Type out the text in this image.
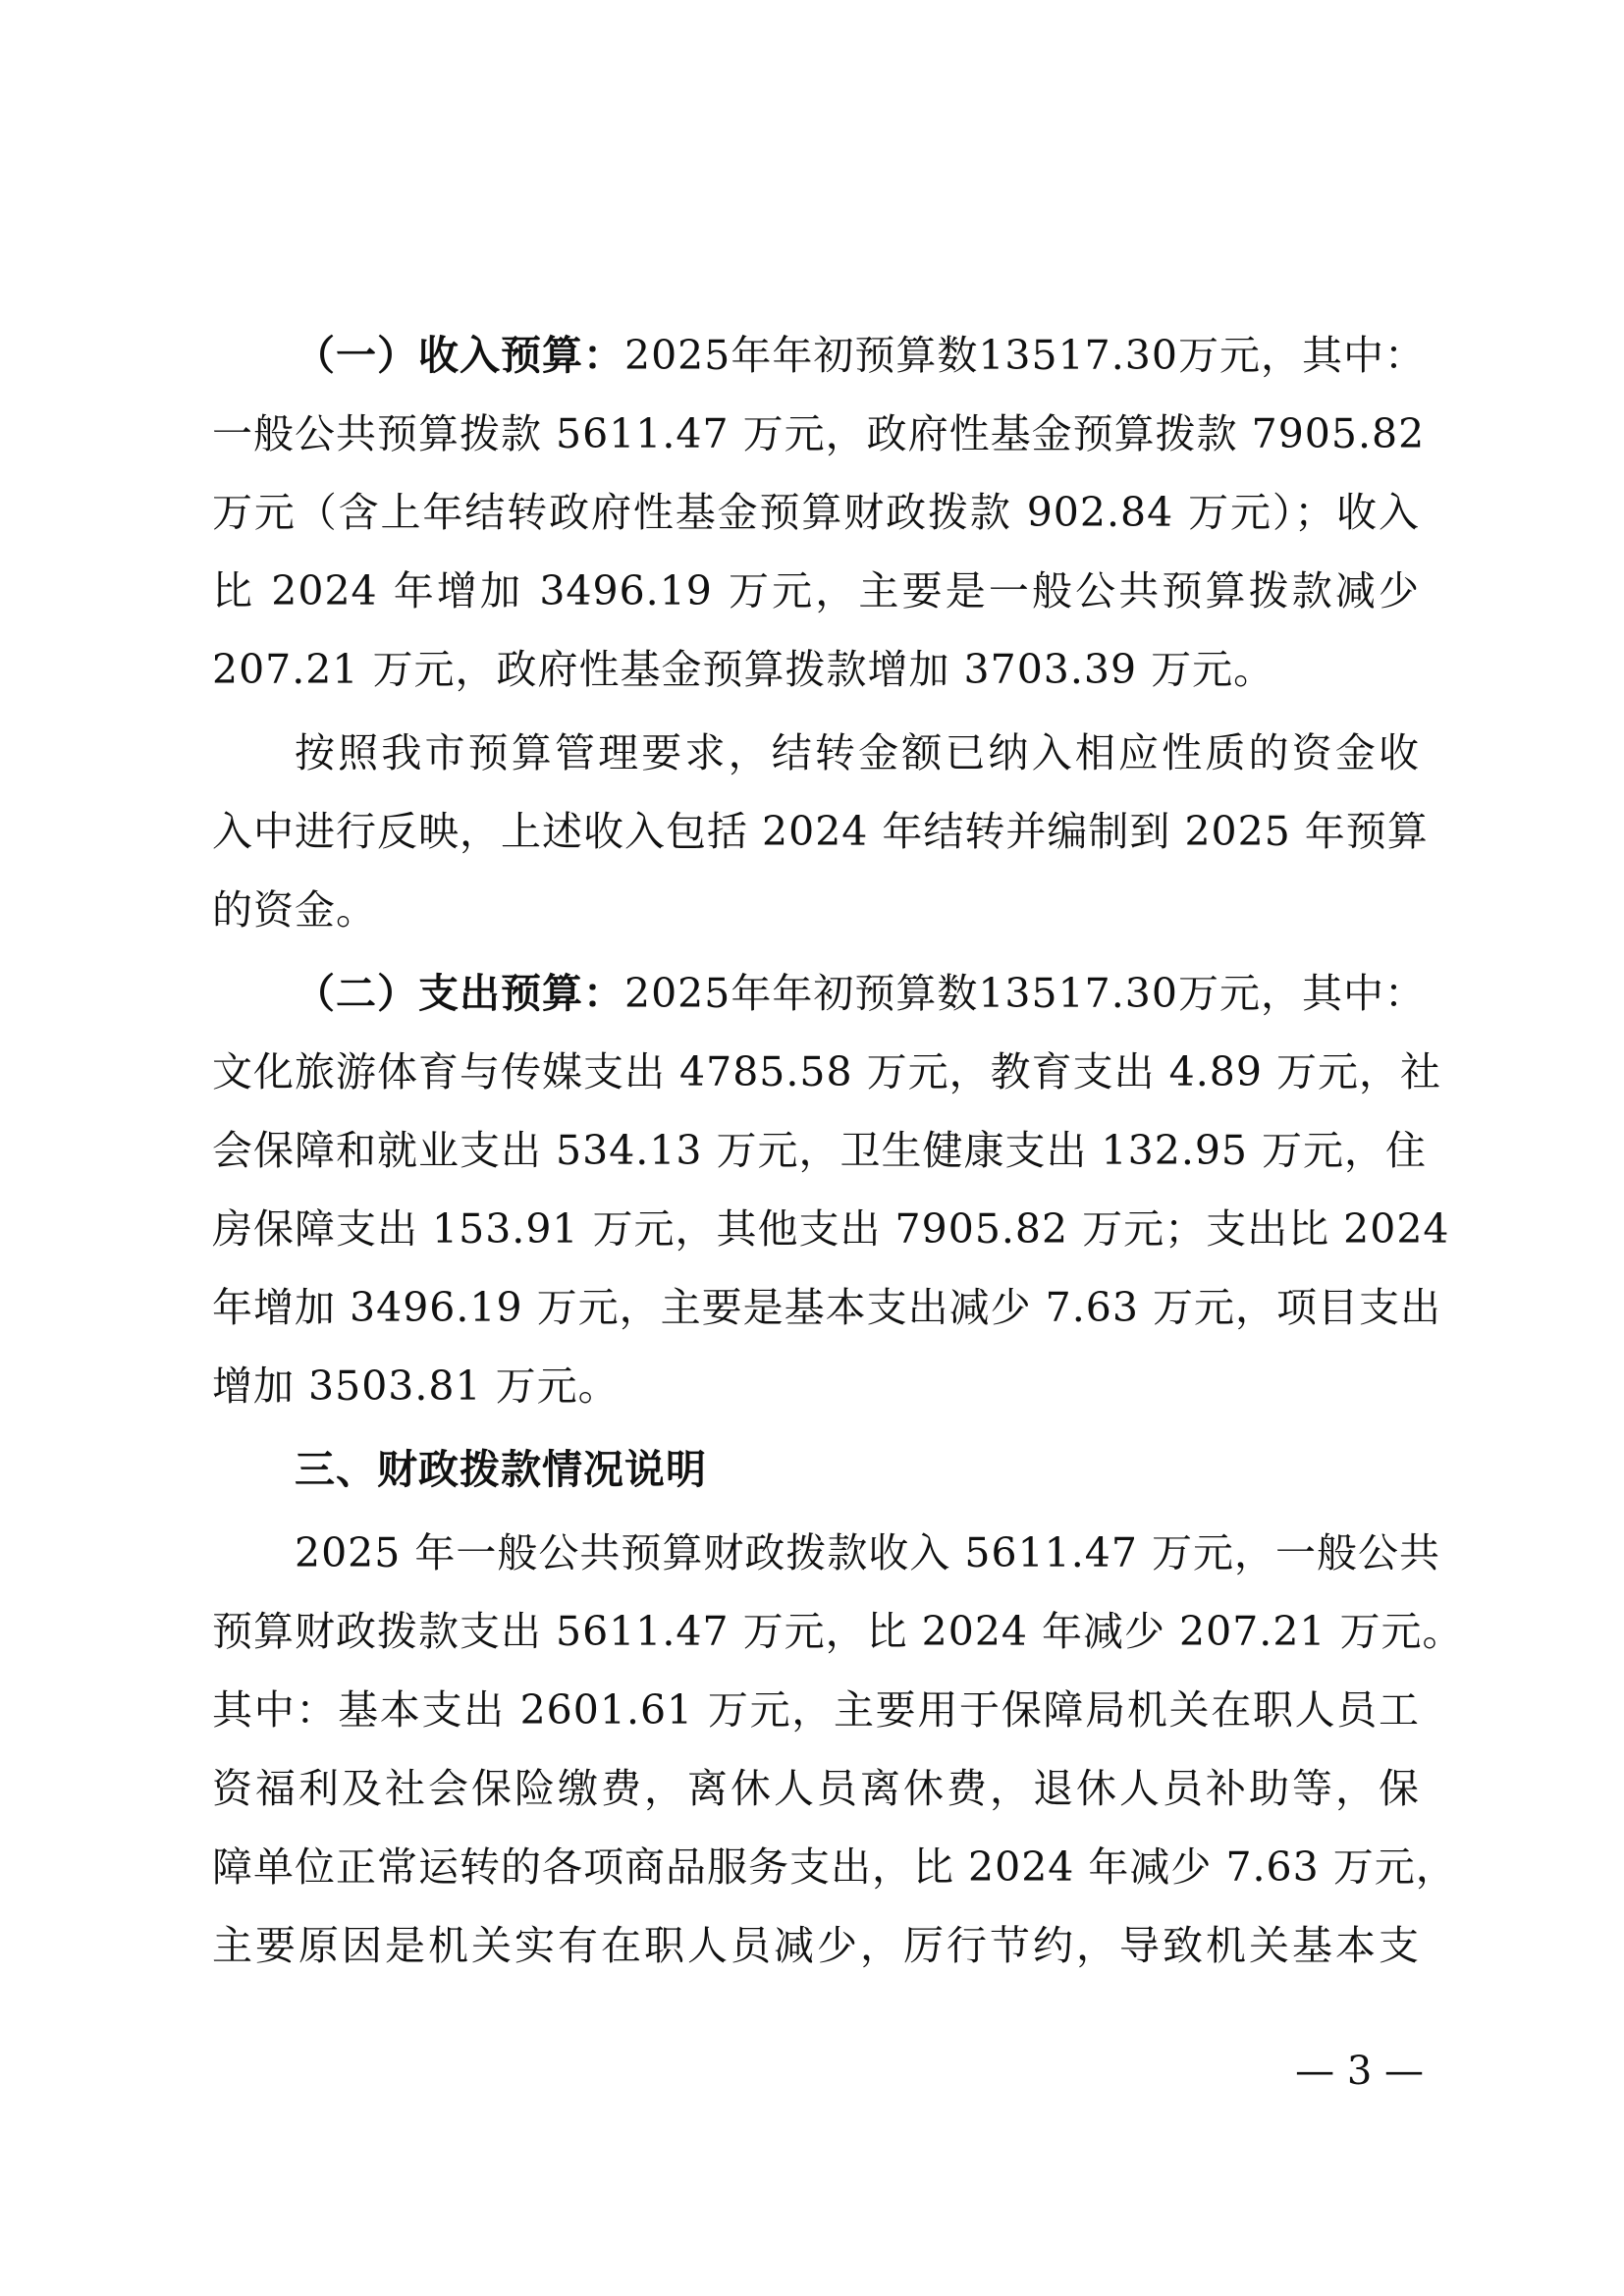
（一）收入预算：2025年年初预算数13517.30万元，其中：
一般公共预算拨款 5611.47 万元，政府性基金预算拨款 7905.82
万元（含上年结转政府性基金预算财政拨款 902.84 万元）；收入
比 2024 年增加 3496.19 万元，主要是一般公共预算拨款减少
207.21 万元，政府性基金预算拨款增加 3703.39 万元。
按照我市预算管理要求，结转金额已纳入相应性质的资金收
入中进行反映，上述收入包括 2024 年结转并编制到 2025 年预算
的资金。
（二）支出预算：2025年年初预算数13517.30万元，其中：
文化旅游体育与传媒支出 4785.58 万元，教育支出 4.89 万元，社
会保障和就业支出 534.13 万元，卫生健康支出 132.95 万元，住
房保障支出 153.91 万元，其他支出 7905.82 万元；支出比 2024
年增加 3496.19 万元，主要是基本支出减少 7.63 万元，项目支出
增加 3503.81 万元。
三、财政拨款情况说明
2025 年一般公共预算财政拨款收入 5611.47 万元，一般公共
预算财政拨款支出 5611.47 万元，比 2024 年减少 207.21 万元。
其中：基本支出 2601.61 万元，主要用于保障局机关在职人员工
资福利及社会保险缴费，离休人员离休费，退休人员补助等，保
障单位正常运转的各项商品服务支出，比 2024 年减少 7.63 万元，
主要原因是机关实有在职人员减少，厉行节约，导致机关基本支
— 3 —
